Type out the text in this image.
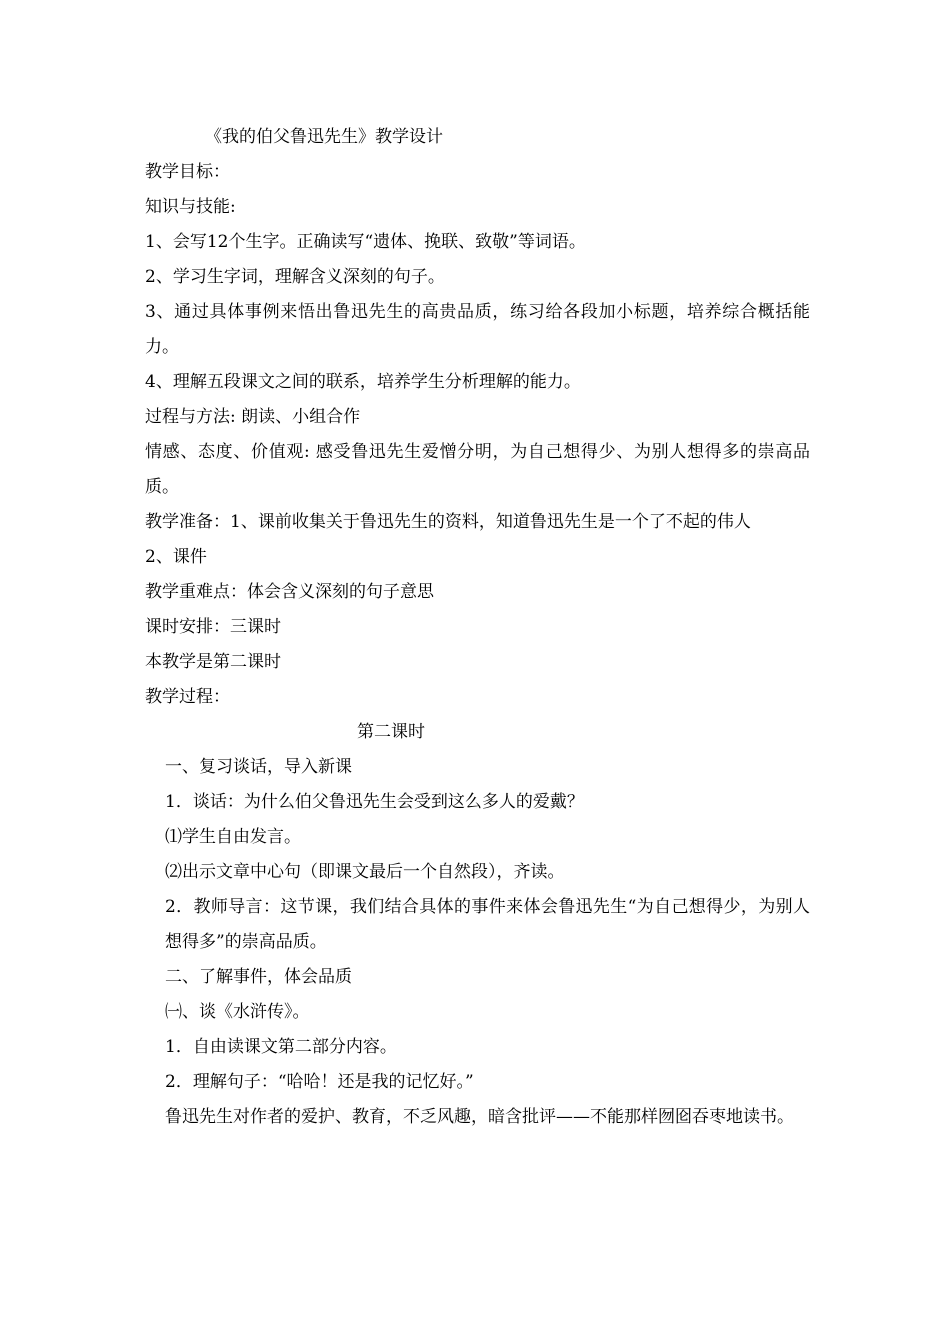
《我的伯父鲁迅先生》教学设计
教学目标：
知识与技能:
1、会写12个生字。正确读写“遗体、挽联、致敬”等词语。
2、学习生字词，理解含义深刻的句子。
3、通过具体事例来悟出鲁迅先生的高贵品质，练习给各段加小标题，培养综合概括能力。
4、理解五段课文之间的联系，培养学生分析理解的能力。
过程与方法: 朗读、小组合作
情感、态度、价值观: 感受鲁迅先生爱憎分明，为自己想得少、为别人想得多的崇高品质。
教学准备：1、课前收集关于鲁迅先生的资料，知道鲁迅先生是一个了不起的伟人
2、课件
教学重难点：体会含义深刻的句子意思
课时安排：三课时
本教学是第二课时
教学过程：
第二课时
一、复习谈话，导入新课
1．谈话：为什么伯父鲁迅先生会受到这么多人的爱戴？
⑴学生自由发言。
⑵出示文章中心句（即课文最后一个自然段），齐读。
2．教师导言：这节课，我们结合具体的事件来体会鲁迅先生“为自己想得少，为别人想得多”的崇高品质。
二、了解事件，体会品质
㈠、谈《水浒传》。
1．自由读课文第二部分内容。
2．理解句子：“哈哈！还是我的记忆好。”
鲁迅先生对作者的爱护、教育，不乏风趣，暗含批评——不能那样囫囵吞枣地读书。
